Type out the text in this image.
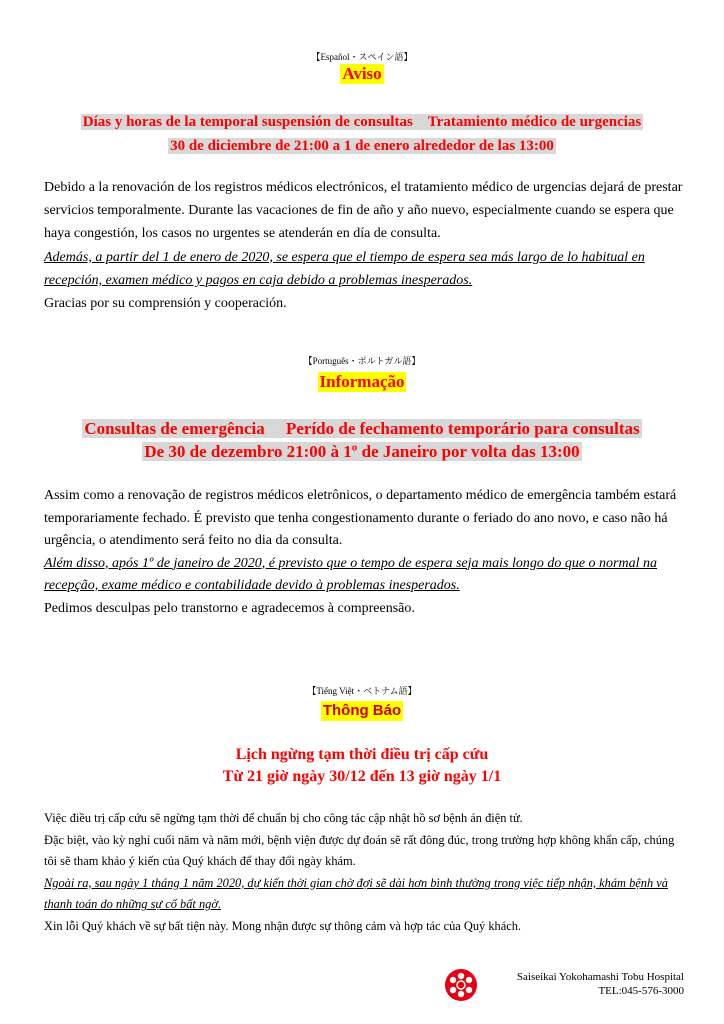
【Español・スペイン語】
Aviso
Días y horas de la temporal suspensión de consultas　Tratamiento médico de urgencias
30 de diciembre de 21:00 a 1 de enero alrededor de las 13:00

Debido a la renovación de los registros médicos electrónicos, el tratamiento médico de urgencias dejará de prestar servicios temporalmente. Durante las vacaciones de fin de año y año nuevo, especialmente cuando se espera que haya congestión, los casos no urgentes se atenderán en día de consulta.

Además, a partir del 1 de enero de 2020, se espera que el tiempo de espera sea más largo de lo habitual en recepción, examen médico y pagos en caja debido a problemas inesperados.

Gracias por su comprensión y cooperación.

【Português・ポルトガル語】
Informação
Consultas de emergência　 Perído de fechamento temporário para consultas
De 30 de dezembro 21:00 à 1º de Janeiro por volta das 13:00

Assim como a renovação de registros médicos eletrônicos, o departamento médico de emergência também estará temporariamente fechado. É previsto que tenha congestionamento durante o feriado do ano novo, e caso não há urgência, o atendimento será feito no dia da consulta.

Além disso, após 1º de janeiro de 2020, é previsto que o tempo de espera seja mais longo do que o normal na recepção, exame médico e contabilidade devido à problemas inesperados.

Pedimos desculpas pelo transtorno e agradecemos à compreensão.

【Tiếng Việt・ベトナム語】
Thông Báo
Lịch ngừng tạm thời điều trị cấp cứu
Từ 21 giờ ngày 30/12 đến 13 giờ ngày 1/1

Việc điều trị cấp cứu sẽ ngừng tạm thời để chuẩn bị cho công tác cập nhật hồ sơ bệnh án điện tử.

Đặc biệt, vào kỳ nghỉ cuối năm và năm mới, bệnh viện được dự đoán sẽ rất đông đúc, trong trường hợp không khẩn cấp, chúng tôi sẽ tham khảo ý kiến của Quý khách để thay đổi ngày khám.

Ngoài ra, sau ngày 1 tháng 1 năm 2020, dự kiến thời gian chờ đợi sẽ dài hơn bình thường trong việc tiếp nhận, khám bệnh và thanh toán do những sự cố bất ngờ.

Xin lỗi Quý khách về sự bất tiện này. Mong nhận được sự thông cảm và hợp tác của Quý khách.

Saiseikai Yokohamashi Tobu Hospital
TEL:045-576-3000
